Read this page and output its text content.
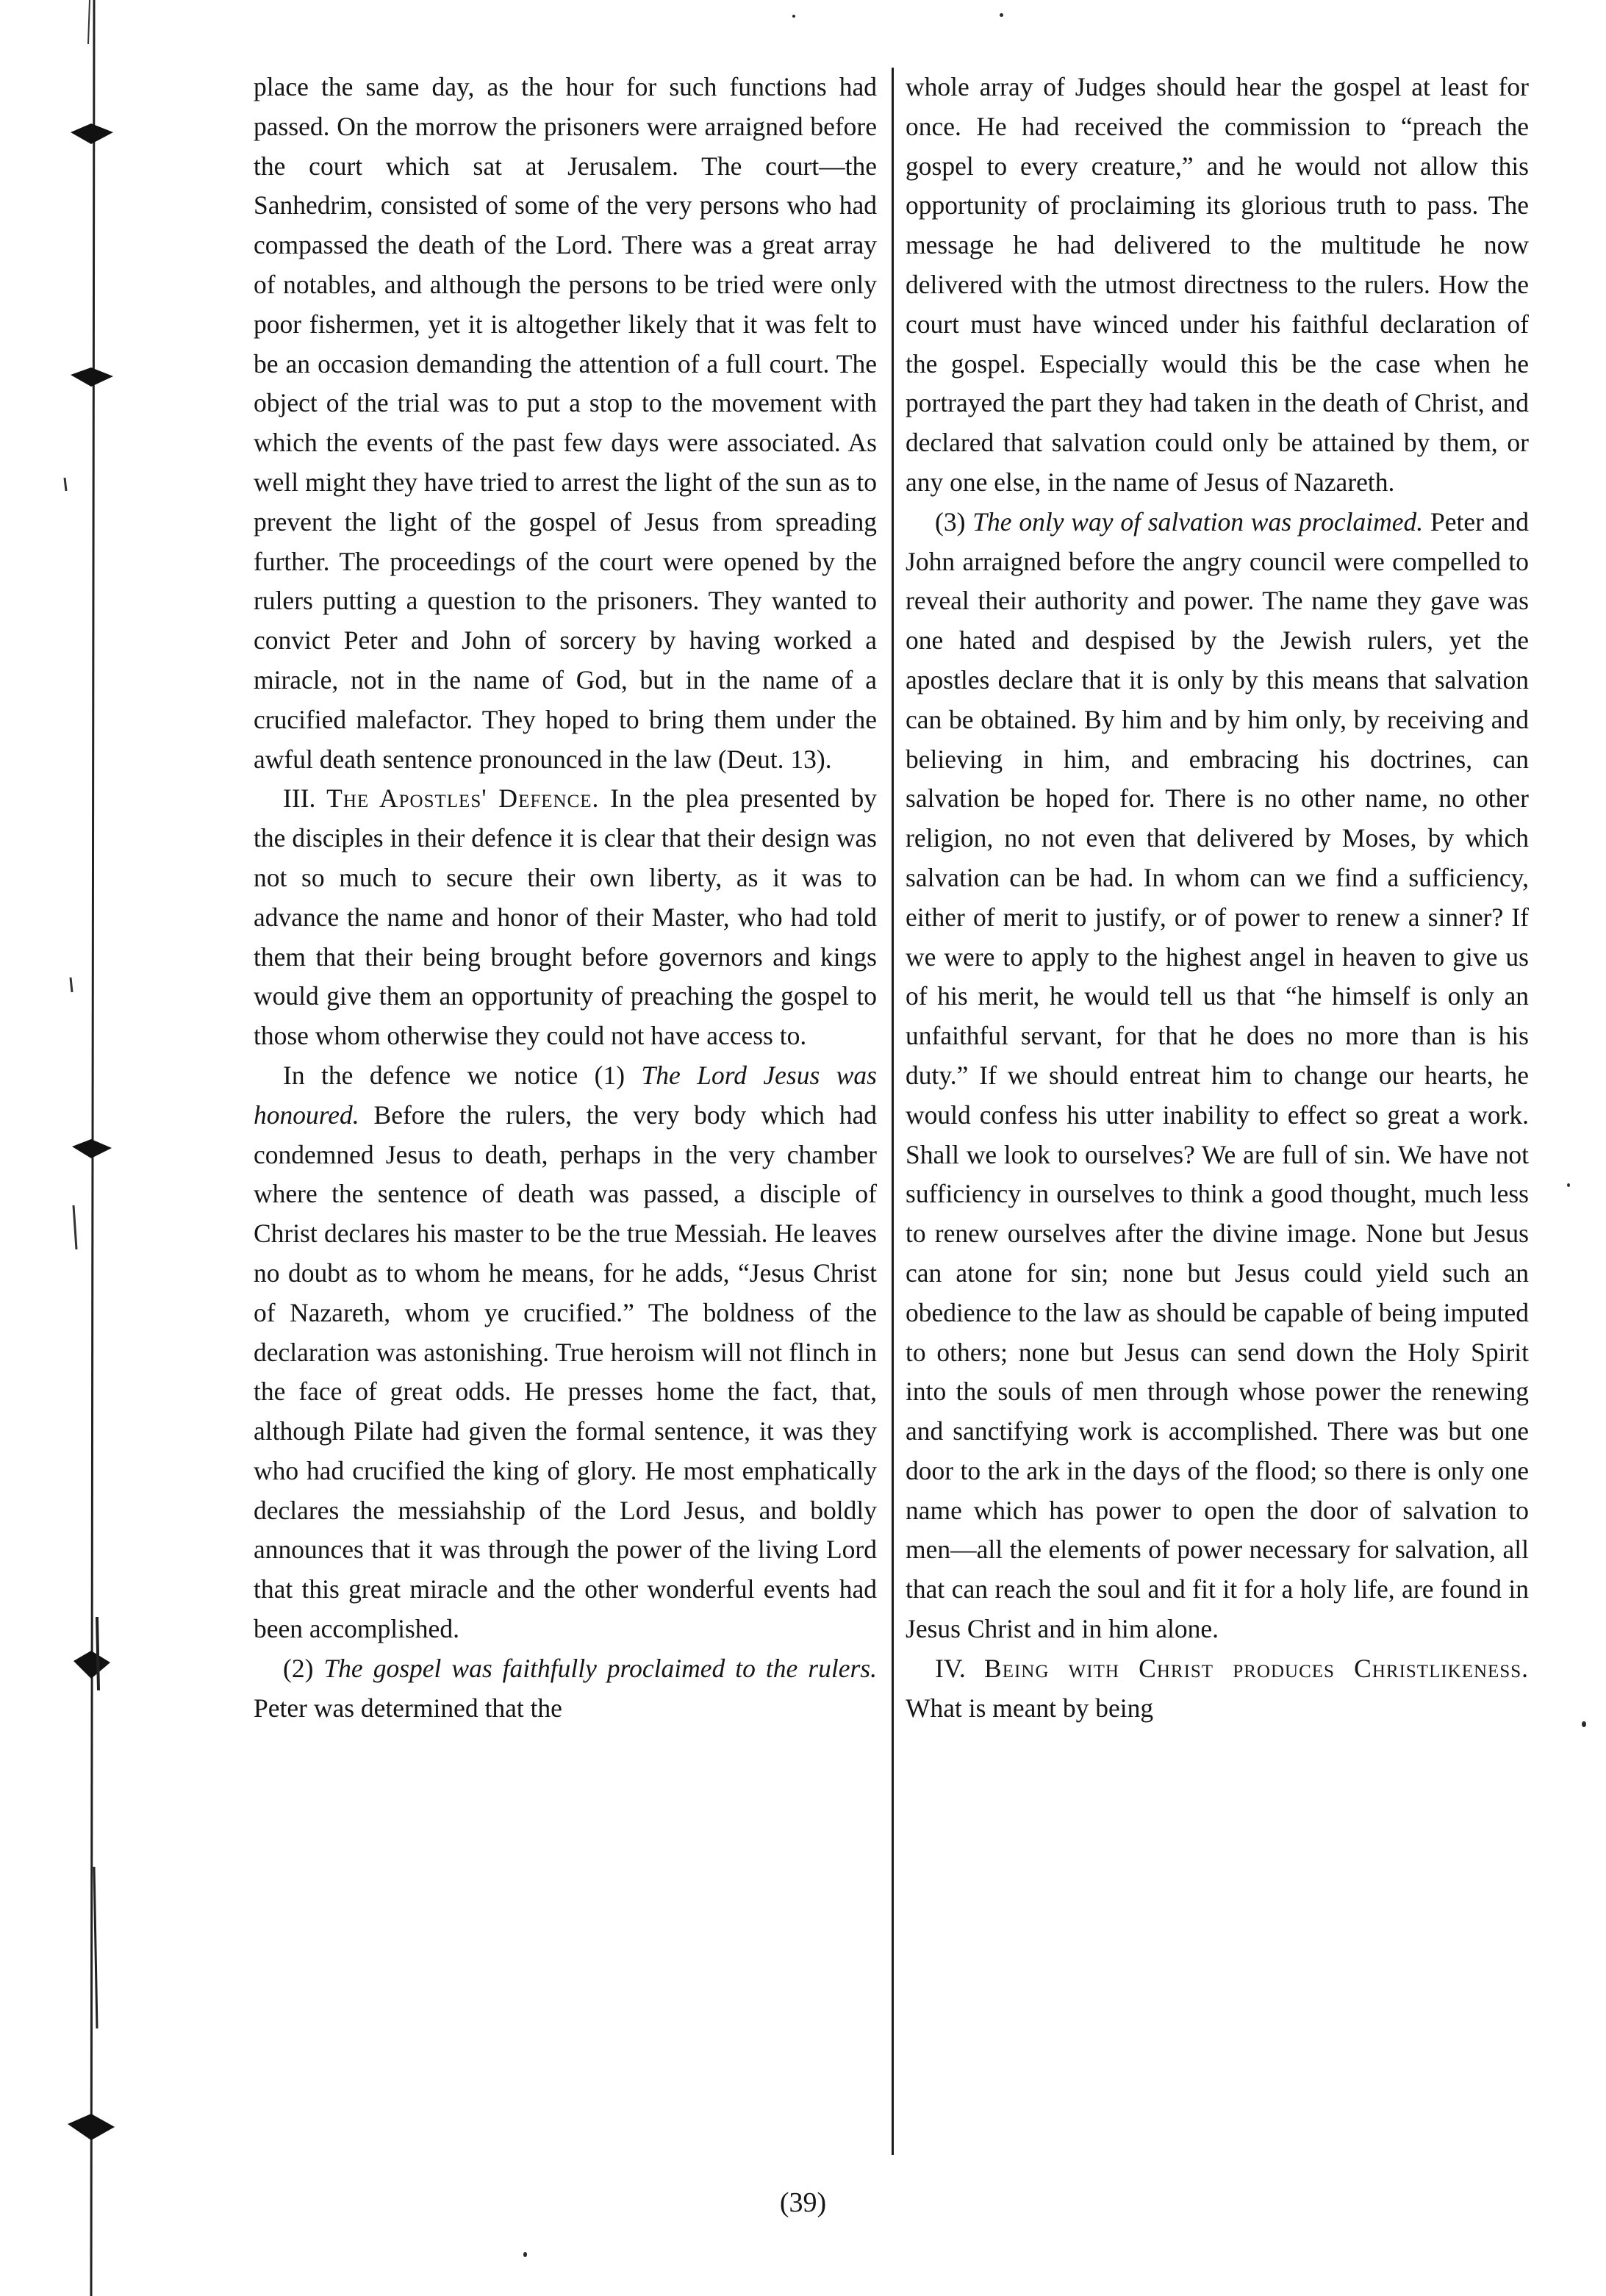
place the same day, as the hour for such functions had passed. On the morrow the prisoners were arraigned before the court which sat at Jerusalem. The court—the Sanhedrim, consisted of some of the very persons who had compassed the death of the Lord. There was a great array of notables, and although the persons to be tried were only poor fishermen, yet it is altogether likely that it was felt to be an occasion demanding the attention of a full court. The object of the trial was to put a stop to the movement with which the events of the past few days were associated. As well might they have tried to arrest the light of the sun as to prevent the light of the gospel of Jesus from spreading further. The proceedings of the court were opened by the rulers putting a question to the prisoners. They wanted to convict Peter and John of sorcery by having worked a miracle, not in the name of God, but in the name of a crucified malefactor. They hoped to bring them under the awful death sentence pronounced in the law (Deut. 13).

III. The Apostles' Defence. In the plea presented by the disciples in their defence it is clear that their design was not so much to secure their own liberty, as it was to advance the name and honor of their Master, who had told them that their being brought before governors and kings would give them an opportunity of preaching the gospel to those whom otherwise they could not have access to.

In the defence we notice (1) The Lord Jesus was honoured. Before the rulers, the very body which had condemned Jesus to death, perhaps in the very chamber where the sentence of death was passed, a disciple of Christ declares his master to be the true Messiah. He leaves no doubt as to whom he means, for he adds, “Jesus Christ of Nazareth, whom ye crucified.” The boldness of the declaration was astonishing. True heroism will not flinch in the face of great odds. He presses home the fact, that, although Pilate had given the formal sentence, it was they who had crucified the king of glory. He most emphatically declares the messiahship of the Lord Jesus, and boldly announces that it was through the power of the living Lord that this great miracle and the other wonderful events had been accomplished.

(2) The gospel was faithfully proclaimed to the rulers. Peter was determined that the

whole array of Judges should hear the gospel at least for once. He had received the commission to “preach the gospel to every creature,” and he would not allow this opportunity of proclaiming its glorious truth to pass. The message he had delivered to the multitude he now delivered with the utmost directness to the rulers. How the court must have winced under his faithful declaration of the gospel. Especially would this be the case when he portrayed the part they had taken in the death of Christ, and declared that salvation could only be attained by them, or any one else, in the name of Jesus of Nazareth.

(3) The only way of salvation was proclaimed. Peter and John arraigned before the angry council were compelled to reveal their authority and power. The name they gave was one hated and despised by the Jewish rulers, yet the apostles declare that it is only by this means that salvation can be obtained. By him and by him only, by receiving and believing in him, and embracing his doctrines, can salvation be hoped for. There is no other name, no other religion, no not even that delivered by Moses, by which salvation can be had. In whom can we find a sufficiency, either of merit to justify, or of power to renew a sinner? If we were to apply to the highest angel in heaven to give us of his merit, he would tell us that “he himself is only an unfaithful servant, for that he does no more than is his duty.” If we should entreat him to change our hearts, he would confess his utter inability to effect so great a work. Shall we look to ourselves? We are full of sin. We have not sufficiency in ourselves to think a good thought, much less to renew ourselves after the divine image. None but Jesus can atone for sin; none but Jesus could yield such an obedience to the law as should be capable of being imputed to others; none but Jesus can send down the Holy Spirit into the souls of men through whose power the renewing and sanctifying work is accomplished. There was but one door to the ark in the days of the flood; so there is only one name which has power to open the door of salvation to men—all the elements of power necessary for salvation, all that can reach the soul and fit it for a holy life, are found in Jesus Christ and in him alone.

IV. Being with Christ produces Christlikeness. What is meant by being

(39)
